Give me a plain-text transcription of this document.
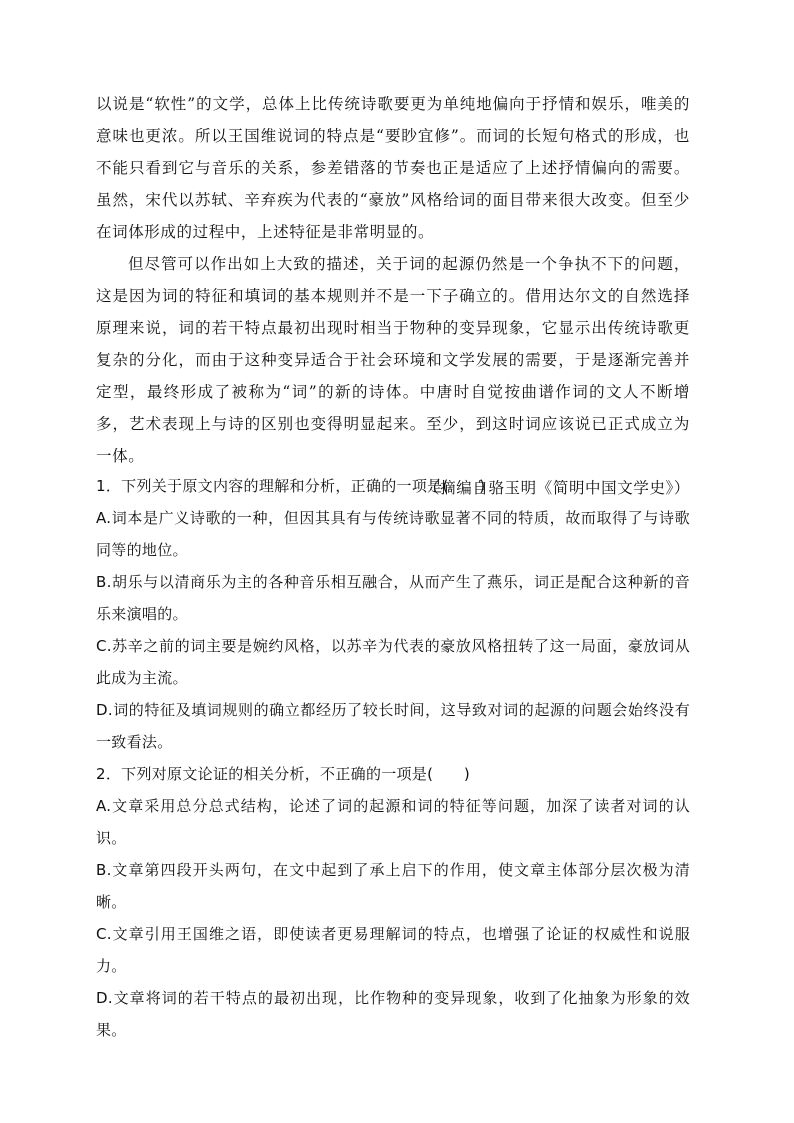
以说是“软性”的文学，总体上比传统诗歌要更为单纯地偏向于抒情和娱乐，唯美的意味也更浓。所以王国维说词的特点是“要眇宜修”。而词的长短句格式的形成，也不能只看到它与音乐的关系，参差错落的节奏也正是适应了上述抒情偏向的需要。虽然，宋代以苏轼、辛弃疾为代表的“豪放”风格给词的面目带来很大改变。但至少在词体形成的过程中，上述特征是非常明显的。

但尽管可以作出如上大致的描述，关于词的起源仍然是一个争执不下的问题，这是因为词的特征和填词的基本规则并不是一下子确立的。借用达尔文的自然选择原理来说，词的若干特点最初出现时相当于物种的变异现象，它显示出传统诗歌更复杂的分化，而由于这种变异适合于社会环境和文学发展的需要，于是逐渐完善并定型，最终形成了被称为“词”的新的诗体。中唐时自觉按曲谱作词的文人不断增多，艺术表现上与诗的区别也变得明显起来。至少，到这时词应该说已正式成立为一体。

（摘编自骆玉明《简明中国文学史》）

1．下列关于原文内容的理解和分析，正确的一项是(　　)

A.词本是广义诗歌的一种，但因其具有与传统诗歌显著不同的特质，故而取得了与诗歌同等的地位。

B.胡乐与以清商乐为主的各种音乐相互融合，从而产生了燕乐，词正是配合这种新的音乐来演唱的。

C.苏辛之前的词主要是婉约风格，以苏辛为代表的豪放风格扭转了这一局面，豪放词从此成为主流。

D.词的特征及填词规则的确立都经历了较长时间，这导致对词的起源的问题会始终没有一致看法。

2．下列对原文论证的相关分析，不正确的一项是(　　)

A.文章采用总分总式结构，论述了词的起源和词的特征等问题，加深了读者对词的认识。

B.文章第四段开头两句，在文中起到了承上启下的作用，使文章主体部分层次极为清晰。

C.文章引用王国维之语，即使读者更易理解词的特点，也增强了论证的权威性和说服力。

D.文章将词的若干特点的最初出现，比作物种的变异现象，收到了化抽象为形象的效果。
